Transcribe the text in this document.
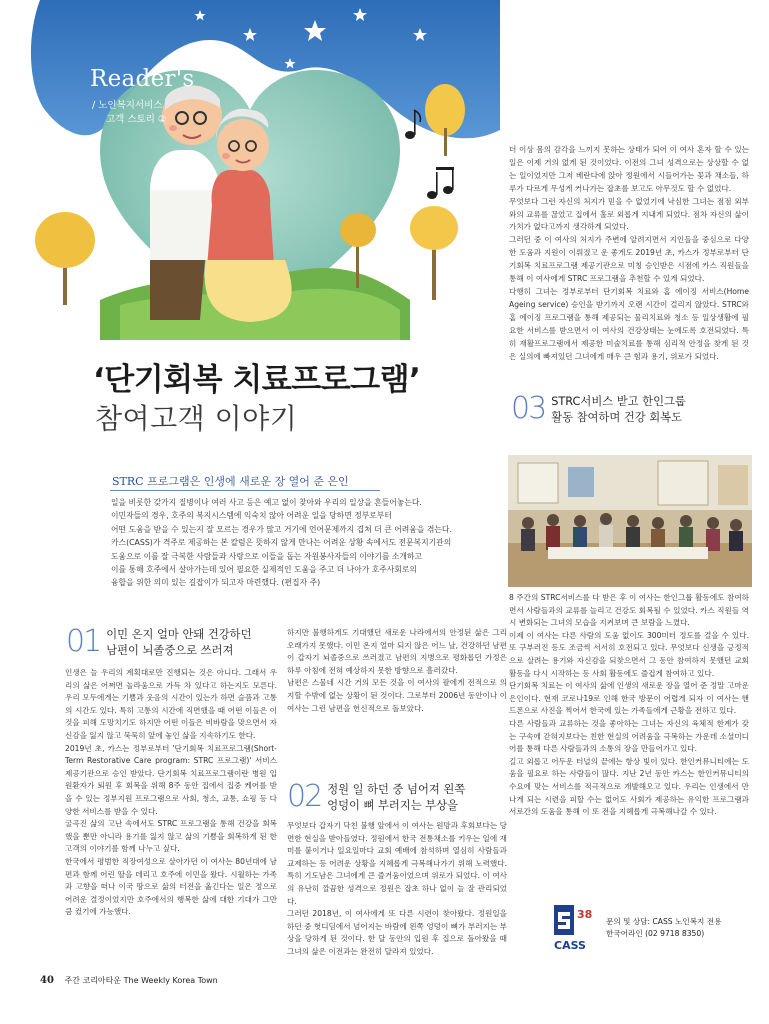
Reader's
/ 노인복지서비스
고객 스토리 ②

더 이상 몸의 감각을 느끼지 못하는 상태가 되어 이 여사 혼자 할 수 있는 일은 이제 거의 없게 된 것이었다. 이전의 그녀 성격으로는 상상할 수 없는 일이었지만 그저 베란다에 앉아 정원에서 시들어가는 꽃과 채소들, 하루가 다르게 무성게 커나가는 잡초를 보고도 아무것도 할 수 없었다.

무엇보다 그런 자신의 처지가 믿을 수 없었기에 낙심한 그녀는 점점 외부와의 교류를 끊었고 집에서 홀로 외롭게 지내게 되었다. 점차 자신의 삶이 가치가 없다고까지 생각하게 되었다.

그러던 중 이 여사의 처지가 주변에 알려지면서 지인들을 중심으로 다양한 도움과 지원이 이뤄졌고 운 좋게도 2019년 초, 카스가 정부로부터 단기회복 치료프로그램 제공기관으로 미칭 승인받은 시점에 카스 직원들을 통해 이 여사에게 STRC 프로그램을 추천할 수 있게 되었다.

다행히 그녀는 정부로부터 단기회복 치료와 홈 에이징 서비스(Home Ageing service) 승인을 받기까지 오랜 시간이 걸리지 않았다. STRC와 홈 에이징 프로그램을 통해 제공되는 물리치료와 청소 등 일상생활에 필요한 서비스를 받으면서 이 여사의 건강상태는 눈에도록 호전되었다. 특히 재활프로그램에서 제공한 미술치료를 통해 심리적 안정을 찾게 된 것은 실의에 빠져있던 그녀에게 매우 큰 힘과 용기, 위로가 되었다.

‘단기회복 치료프로그램’
참여고객 이야기
STRC 프로그램은 인생에 새로운 장 열어 준 은인

일을 비롯한 갖가지 질병이나 여러 사고 등은 예고 없이 찾아와 우리의 일상을 흔들어놓는다.

이민자들의 경우, 호주의 복지시스템에 익숙치 않아 어려운 일을 당하면 정부로부터

어떤 도움을 받을 수 있는지 잘 모르는 경우가 많고 거기에 언어문제까지 겹쳐 더 큰 어려움을 겪는다.

카스(CASS)가 격주로 제공하는 본 칼럼은 뜻하지 않게 만나는 어려운 상황 속에서도 전문복지기관의

도움으로 이를 잘 극복한 사람들과 사랑으로 이들을 돕는 자원봉사자들의 이야기를 소개하고

이를 통해 호주에서 살아가는데 있어 필요한 실제적인 도움을 주고 더 나아가 호주사회로의

융합을 위한 의미 있는 길잡이가 되고자 마련했다. (편집자 주)

03 STRC서비스 받고 한인그룹
활동 참여하며 건강 회복도
01 이민 온지 얼마 안돼 건강하던
남편이 뇌졸중으로 쓰러져

인생은 늘 우리의 계획대로만 진행되는 것은 아니다. 그래서 우리의 삶은 어쩌면 놀라움으로 가득 차 있다고 하는지도 모른다. 우리 모두에게는 기쁨과 웃음의 시간이 있는가 하면 슬픔과 고통의 시간도 있다. 특히 고통의 시간에 직면했을 때 어떤 이들은 이것을 피해 도망치기도 하지만 어떤 이들은 비바람을 맞으면서 자신감을 잃지 않고 묵묵히 앞에 놓인 삶을 지속하기도 한다.

2019년 초, 카스는 정부로부터 '단기회복 치료프로그램(Short-Term Restorative Care program: STRC 프로그램)' 서비스 제공기관으로 승인 받았다. 단기회복 치료프로그램이란 병원 입원환자가 퇴원 후 회복을 위해 8주 동안 집에서 집중 케어를 받을 수 있는 정부지원 프로그램으로 사회, 청소, 교통, 쇼핑 등 다양한 서비스를 받을 수 있다.

굴곡진 삶의 고난 속에서도 STRC 프로그램을 통해 건강을 회복했을 뿐만 아니라 용기를 잃지 않고 삶의 기쁨을 회복하게 된 한 고객의 이야기를 함께 나누고 싶다.

한국에서 평범한 직장여성으로 살아가던 이 여사는 80년대에 남편과 함께 어린 딸을 데리고 호주에 이민을 왔다. 시월하는 가족과 고향을 떠나 이국 땅으로 삶의 터전을 옮긴다는 일은 정으로 어려운 결정이었지만 호주에서의 행복한 삶에 대한 기대가 그만큼 컸기에 가능했다.

하지만 불행하게도 기대했던 새로운 나라에서의 안정된 삶은 그리 오래가지 못했다. 이민 온지 얼마 되지 않은 어느 날, 건강하던 남편이 갑자기 뇌졸중으로 쓰러졌고 남편의 지병으로 평화롭던 가정은 하루 아침에 전혀 예상하지 못한 방향으로 흘러갔다.

남편은 스물네 시간 거의 모든 것을 이 여사의 팔에게 전적으로 의지할 수밖에 없는 상황이 된 것이다. 그로부터 2006년 동안이나 이 여사는 그런 남편을 헌신적으로 돌보았다.

02 정원 일 하던 중 넘어져 왼쪽
엉덩이 뼈 부러지는 부상을

무엇보다 갑자기 닥친 불행 앞에서 이 여사는 원망과 후회보다는 당면한 현실을 받아들였다. 정원에서 한국 전통채소를 키우는 일에 재미를 붙이거나 일요일마다 교회 예배에 참석하며 열심히 사람들과 교제하는 등 어려운 상황을 지혜롭게 극복해나가기 위해 노력했다. 특히 기도남은 그녀에게 큰 즐거움이었으며 위로가 되었다. 이 여사의 유난히 깔끔한 성격으로 정원은 잡초 하나 없이 늘 잘 관리되었다.

그러던 2018년, 이 여사에게 또 다른 시련이 찾아왔다. 정원일을 하던 중 헛디딤에서 넘어지는 바람에 왼쪽 엉덩이 뼈가 부러지는 부상을 당하게 된 것이다. 한 달 동안의 입원 후 집으로 돌아왔을 때 그녀의 삶은 이전과는 완전히 달라져 있었다.

8 주간의 STRC서비스를 다 받은 후 이 여사는 한인그룹 활동에도 참여하면서 사람들과의 교류를 늘리고 건강도 회복될 수 있었다. 카스 직원들 역시 변화되는 그녀의 모습을 지켜보며 큰 보람을 느꼈다.

이제 이 여사는 다른 사람의 도움 없이도 300미터 정도를 걸을 수 있다. 또 구부러진 등도 조금씩 서서히 호전되고 있다. 무엇보다 신생을 긍정적으로 살려는 용기와 자신감을 되찾으면서 그 동안 참여하지 못했던 교회활동을 다시 시작하는 등 사회 활동에도 즐겁게 참여하고 있다.

단기회복 치료는 이 여사의 삶에 인생의 새로운 장을 열어 준 정말 고마운 은인이다. 현재 코로나19로 인해 한국 방문이 어렵게 되자 이 여사는 핸드폰으로 사진을 찍어서 한국에 있는 가족들에게 근황을 전하고 있다.

다른 사람들과 교류하는 것을 좋아하는 그녀는 자신의 육체적 한계가 갖는 구속에 갇혀지보다는 친한 현실의 어려움을 극복하는 가운데 소셜미디어를 통해 다른 사람들과의 소통의 장을 만들어가고 있다.

길고 외롭고 어두운 터널의 끝에는 항상 빛이 있다. 한인커뮤니티에는 도움을 필요로 하는 사람들이 많다. 지난 2년 동안 카스는 한인커뮤니티의 수요에 맞는 서비스를 적극적으로 개발해오고 있다. 우리는 인생에서 만나게 되는 시련을 피할 수는 없어도 사회가 제공하는 유익한 프로그램과 서로간의 도움을 통해 이 또 전을 지혜롭게 극복해나갈 수 있다.

38
CASS
문의 및 상담: CASS 노인복지 전용
한국어라인 (02 9718 8350)
40 주간 코리아타운 The Weekly Korea Town
